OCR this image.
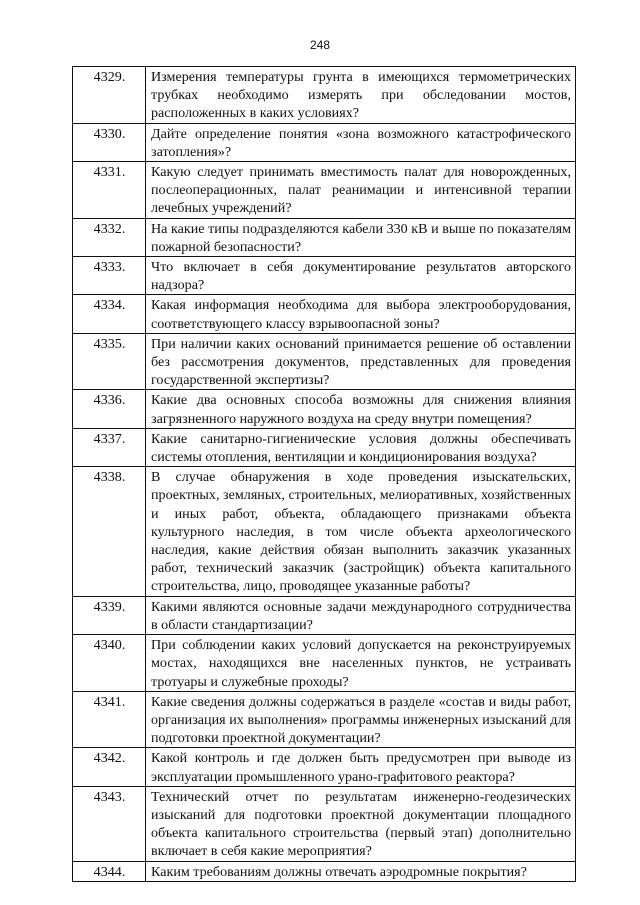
248
4329.	Измерения температуры грунта в имеющихся термометрических трубках необходимо измерять при обследовании мостов, расположенных в каких условиях?
4330.	Дайте определение понятия «зона возможного катастрофического затопления»?
4331.	Какую следует принимать вместимость палат для новорожденных, послеоперационных, палат реанимации и интенсивной терапии лечебных учреждений?
4332.	На какие типы подразделяются кабели 330 кВ и выше по показателям пожарной безопасности?
4333.	Что включает в себя документирование результатов авторского надзора?
4334.	Какая информация необходима для выбора электрооборудования, соответствующего классу взрывоопасной зоны?
4335.	При наличии каких оснований принимается решение об оставлении без рассмотрения документов, представленных для проведения государственной экспертизы?
4336.	Какие два основных способа возможны для снижения влияния загрязненного наружного воздуха на среду внутри помещения?
4337.	Какие санитарно-гигиенические условия должны обеспечивать системы отопления, вентиляции и кондиционирования воздуха?
4338.	В случае обнаружения в ходе проведения изыскательских, проектных, земляных, строительных, мелиоративных, хозяйственных и иных работ, объекта, обладающего признаками объекта культурного наследия, в том числе объекта археологического наследия, какие действия обязан выполнить заказчик указанных работ, технический заказчик (застройщик) объекта капитального строительства, лицо, проводящее указанные работы?
4339.	Какими являются основные задачи международного сотрудничества в области стандартизации?
4340.	При соблюдении каких условий допускается на реконструируемых мостах, находящихся вне населенных пунктов, не устраивать тротуары и служебные проходы?
4341.	Какие сведения должны содержаться в разделе «состав и виды работ, организация их выполнения» программы инженерных изысканий для подготовки проектной документации?
4342.	Какой контроль и где должен быть предусмотрен при выводе из эксплуатации промышленного урано-графитового реактора?
4343.	Технический отчет по результатам инженерно-геодезических изысканий для подготовки проектной документации площадного объекта капитального строительства (первый этап) дополнительно включает в себя какие мероприятия?
4344.	Каким требованиям должны отвечать аэродромные покрытия?
